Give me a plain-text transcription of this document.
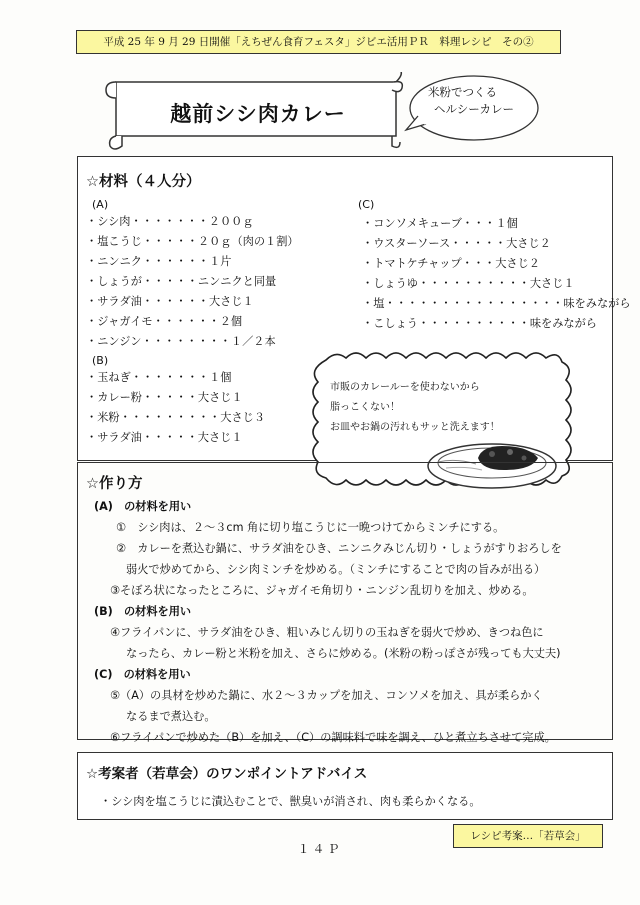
平成 25 年 9 月 29 日開催「えちぜん食育フェスタ」ジビエ活用ＰＲ　料理レシピ　その②
越前シシ肉カレー
米粉でつくる
ヘルシーカレー
☆材料（４人分）
(A)
・シシ肉・・・・・・・２００ｇ
・塩こうじ・・・・・２０ｇ（肉の１割）
・ニンニク・・・・・・１片
・しょうが・・・・・ニンニクと同量
・サラダ油・・・・・・大さじ１
・ジャガイモ・・・・・・２個
・ニンジン・・・・・・・・１／２本
(B)
・玉ねぎ・・・・・・・１個
・カレー粉・・・・・大さじ１
・米粉・・・・・・・・・大さじ３
・サラダ油・・・・・大さじ１
(C)
・コンソメキューブ・・・１個
・ウスターソース・・・・・大さじ２
・トマトケチャップ・・・大さじ２
・しょうゆ・・・・・・・・・・大さじ１
・塩・・・・・・・・・・・・・・・・味をみながら
・こしょう・・・・・・・・・・味をみながら
市販のカレールーを使わないから
脂っこくない！
お皿やお鍋の汚れもサッと洗えます！
☆作り方
(A)　の材料を用い
①　シシ肉は、２～３cm 角に切り塩こうじに一晩つけてからミンチにする。
②　カレーを煮込む鍋に、サラダ油をひき、ニンニクみじん切り・しょうがすりおろしを
弱火で炒めてから、シシ肉ミンチを炒める。（ミンチにすることで肉の旨みが出る）
③そぼろ状になったところに、ジャガイモ角切り・ニンジン乱切りを加え、炒める。
(B)　の材料を用い
④フライパンに、サラダ油をひき、粗いみじん切りの玉ねぎを弱火で炒め、きつね色に
なったら、カレー粉と米粉を加え、さらに炒める。(米粉の粉っぽさが残っても大丈夫)
(C)　の材料を用い
⑤（A）の具材を炒めた鍋に、水２～３カップを加え、コンソメを加え、具が柔らかく
なるまで煮込む。
⑥フライパンで炒めた（B）を加え、（C）の調味料で味を調え、ひと煮立ちさせて完成。
☆考案者（若草会）のワンポイントアドバイス
・シシ肉を塩こうじに漬込むことで、獣臭いが消され、肉も柔らかくなる。
レシピ考案…「若草会」
１４Ｐ
